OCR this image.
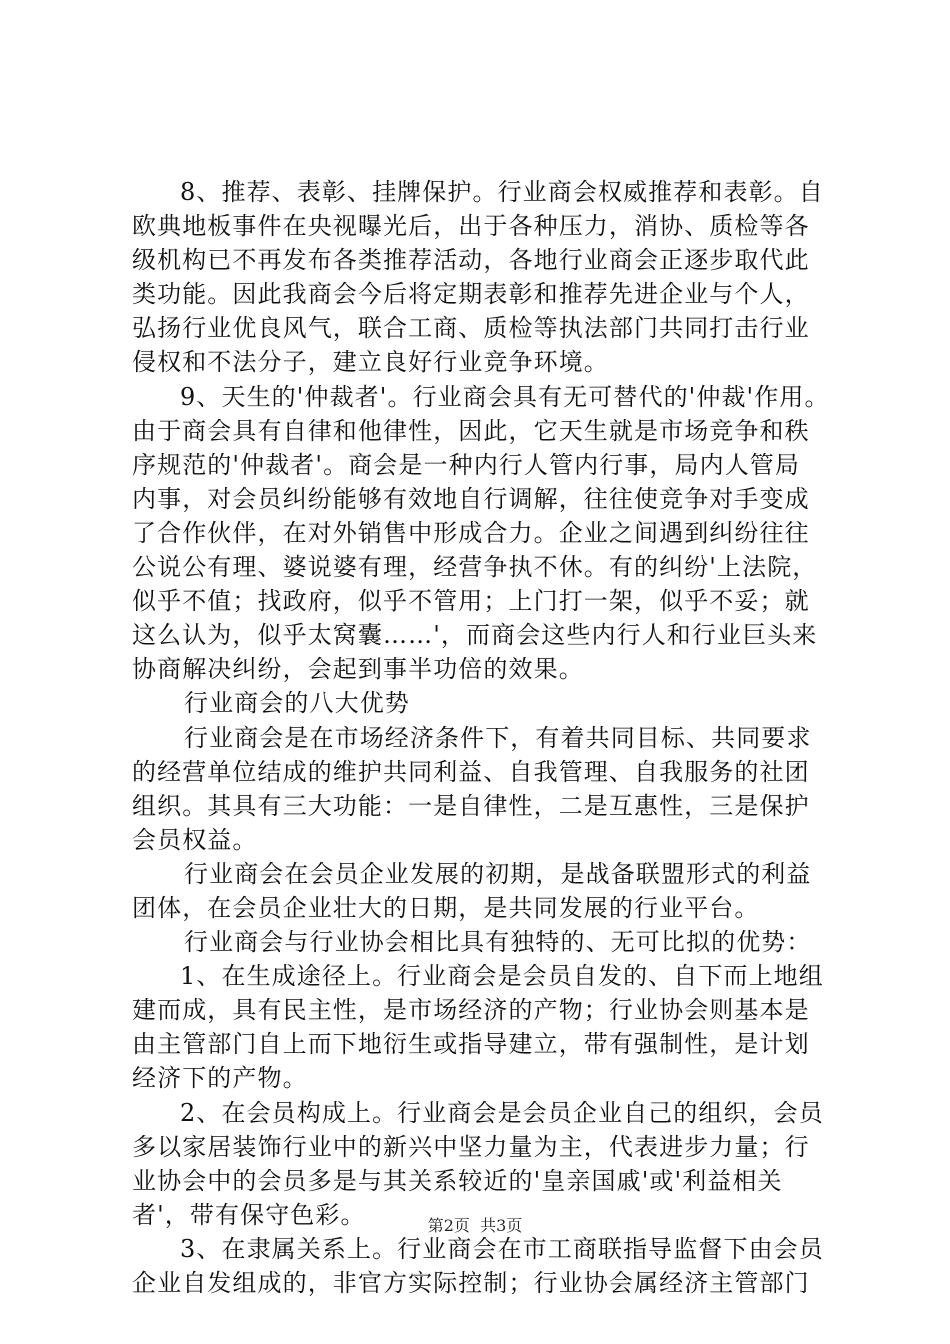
8、推荐、表彰、挂牌保护。行业商会权威推荐和表彰。自
欧典地板事件在央视曝光后，出于各种压力，消协、质检等各
级机构已不再发布各类推荐活动，各地行业商会正逐步取代此
类功能。因此我商会今后将定期表彰和推荐先进企业与个人，
弘扬行业优良风气，联合工商、质检等执法部门共同打击行业
侵权和不法分子，建立良好行业竞争环境。
9、天生的'仲裁者'。行业商会具有无可替代的'仲裁'作用。
由于商会具有自律和他律性，因此，它天生就是市场竞争和秩
序规范的'仲裁者'。商会是一种内行人管内行事，局内人管局
内事，对会员纠纷能够有效地自行调解，往往使竞争对手变成
了合作伙伴，在对外销售中形成合力。企业之间遇到纠纷往往
公说公有理、婆说婆有理，经营争执不休。有的纠纷'上法院，
似乎不值；找政府，似乎不管用；上门打一架，似乎不妥；就
这么认为，似乎太窝囊……'，而商会这些内行人和行业巨头来
协商解决纠纷，会起到事半功倍的效果。
行业商会的八大优势
行业商会是在市场经济条件下，有着共同目标、共同要求
的经营单位结成的维护共同利益、自我管理、自我服务的社团
组织。其具有三大功能：一是自律性，二是互惠性，三是保护
会员权益。
行业商会在会员企业发展的初期，是战备联盟形式的利益
团体，在会员企业壮大的日期，是共同发展的行业平台。
行业商会与行业协会相比具有独特的、无可比拟的优势：
1、在生成途径上。行业商会是会员自发的、自下而上地组
建而成，具有民主性，是市场经济的产物；行业协会则基本是
由主管部门自上而下地衍生或指导建立，带有强制性，是计划
经济下的产物。
2、在会员构成上。行业商会是会员企业自己的组织，会员
多以家居装饰行业中的新兴中坚力量为主，代表进步力量；行
业协会中的会员多是与其关系较近的'皇亲国戚'或'利益相关
者'，带有保守色彩。
3、在隶属关系上。行业商会在市工商联指导监督下由会员
企业自发组成的，非官方实际控制；行业协会属经济主管部门
第2页 共3页
